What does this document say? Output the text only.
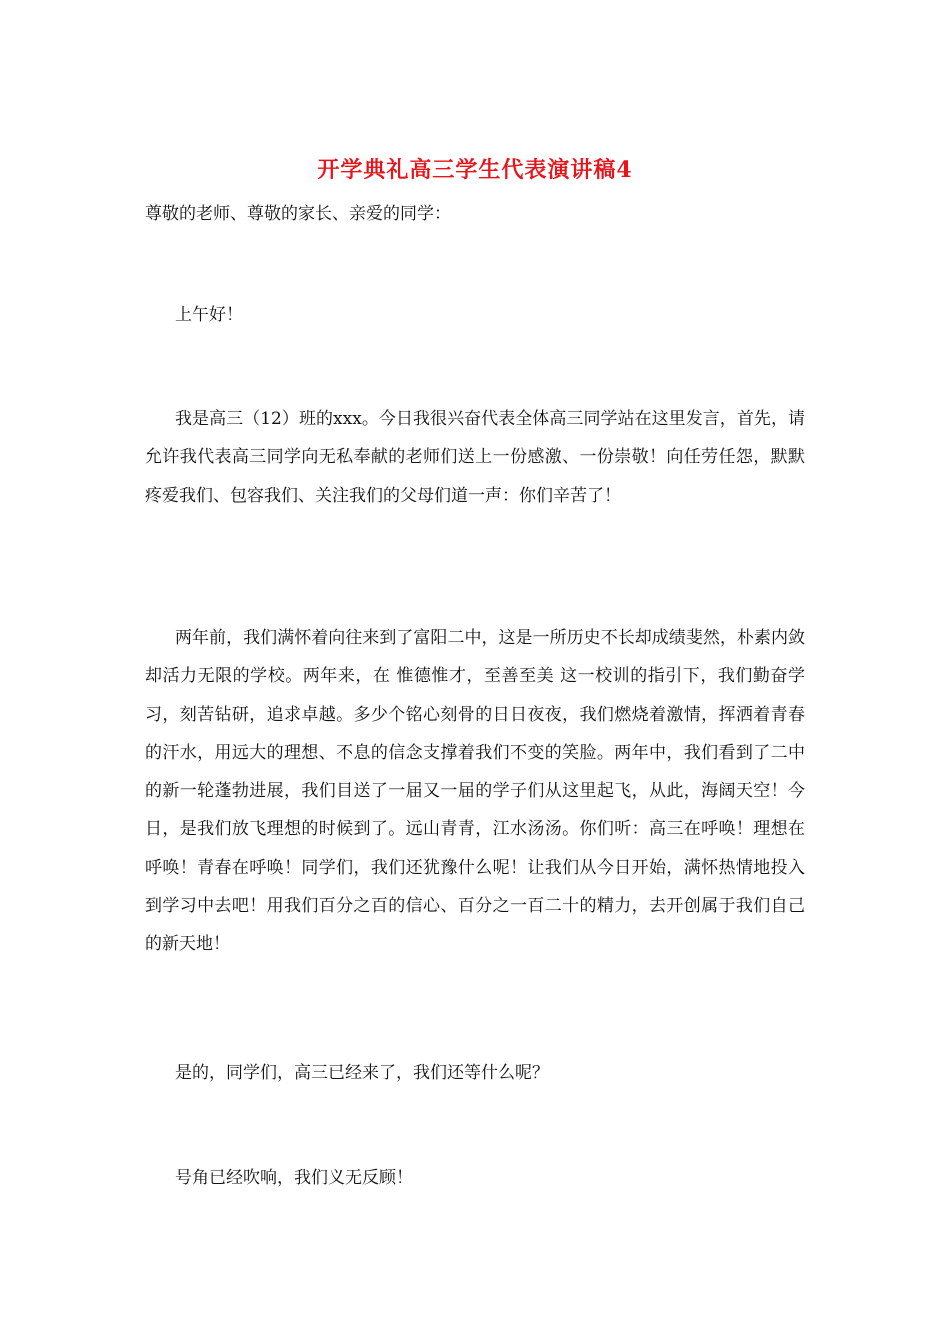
开学典礼高三学生代表演讲稿4
尊敬的老师、尊敬的家长、亲爱的同学：

上午好！

我是高三（12）班的xxx。今日我很兴奋代表全体高三同学站在这里发言，首先，请允许我代表高三同学向无私奉献的老师们送上一份感激、一份崇敬！向任劳任怨，默默疼爱我们、包容我们、关注我们的父母们道一声：你们辛苦了！

两年前，我们满怀着向往来到了富阳二中，这是一所历史不长却成绩斐然，朴素内敛却活力无限的学校。两年来，在 惟德惟才，至善至美 这一校训的指引下，我们勤奋学习，刻苦钻研，追求卓越。多少个铭心刻骨的日日夜夜，我们燃烧着激情，挥洒着青春的汗水，用远大的理想、不息的信念支撑着我们不变的笑脸。两年中，我们看到了二中的新一轮蓬勃进展，我们目送了一届又一届的学子们从这里起飞，从此，海阔天空！今日，是我们放飞理想的时候到了。远山青青，江水汤汤。你们听：高三在呼唤！理想在呼唤！青春在呼唤！同学们，我们还犹豫什么呢！让我们从今日开始，满怀热情地投入到学习中去吧！用我们百分之百的信心、百分之一百二十的精力，去开创属于我们自己的新天地！

是的，同学们，高三已经来了，我们还等什么呢？

号角已经吹响，我们义无反顾！
